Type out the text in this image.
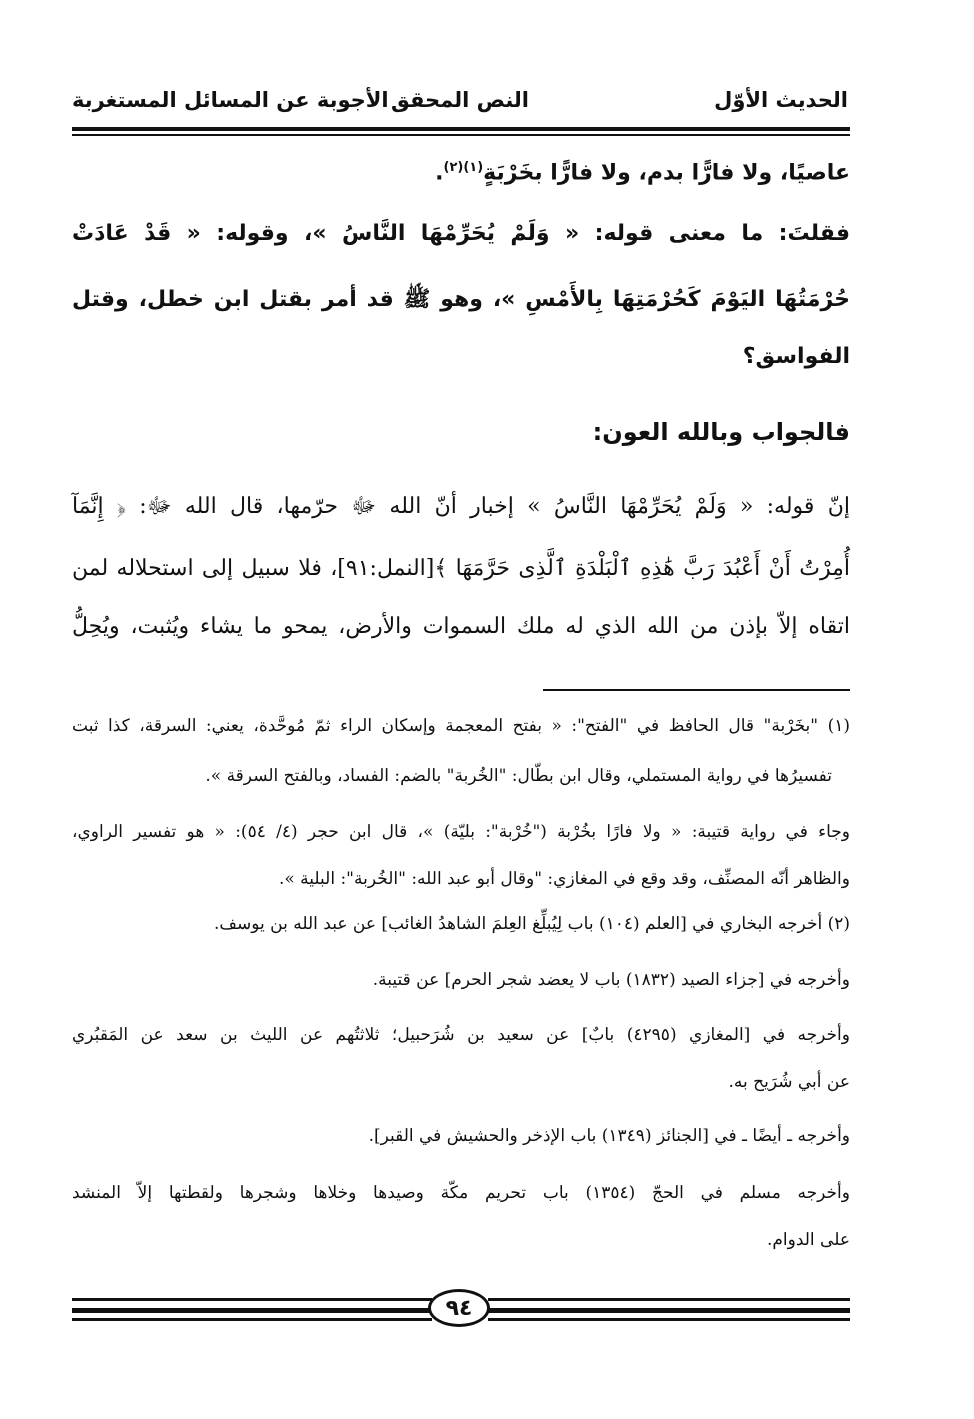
الحديث الأوّل
النص المحقق
الأجوبة عن المسائل المستغربة
عاصيًا، ولا فارًّا بدم، ولا فارًّا بخَرْبَةٍ$^{(١)(٢)}$.
فقلتَ: ما معنى قوله: « وَلَمْ يُحَرِّمْهَا النَّاسُ »، وقوله: « قَدْ عَادَتْ
حُرْمَتُهَا اليَوْمَ كَحُرْمَتِهَا بِالأَمْسِ »، وهو ﷺ قد أمر بقتل ابن خطل، وقتل
الفواسق؟
فالجواب وبالله العون:
إنّ قوله: « وَلَمْ يُحَرِّمْهَا النَّاسُ » إخبار أنّ الله ﷻ حرّمها، قال الله ﷻ: ﴿ إِنَّمَآ
أُمِرْتُ أَنْ أَعْبُدَ رَبَّ هَٰذِهِ ٱلْبَلْدَةِ ٱلَّذِى حَرَّمَهَا ﴾[النمل:٩١]، فلا سبيل إلى استحلاله لمن
اتقاه إلاّ بإذن من الله الذي له ملك السموات والأرض، يمحو ما يشاء ويُثبت، ويُحِلُّ
(١) "بخَرْبة" قال الحافظ في "الفتح": « بفتح المعجمة وإسكان الراء ثمّ مُوحَّدة، يعني: السرقة، كذا ثبت
تفسيرُها في رواية المستملي، وقال ابن بطّال: "الخُربة" بالضم: الفساد، وبالفتح السرقة ».
وجاء في رواية قتيبة: « ولا فارًا بخُرْبة ("خُرْبة": بليّة) »، قال ابن حجر (٤/ ٥٤): « هو تفسير الراوي،
والظاهر أنّه المصنِّف، وقد وقع في المغازي: "وقال أبو عبد الله: "الخُربة": البلية ».
(٢) أخرجه البخاري في [العلم (١٠٤) باب لِيُبلِّغ العِلمَ الشاهدُ الغائب] عن عبد الله بن يوسف.
وأخرجه في [جزاء الصيد (١٨٣٢) باب لا يعضد شجر الحرم] عن قتيبة.
وأخرجه في [المغازي (٤٢٩٥) بابٌ] عن سعيد بن شُرَحبيل؛ ثلاثتُهم عن الليث بن سعد عن المَقبُري
عن أبي شُرَيح به.
وأخرجه ـ أيضًا ـ في [الجنائز (١٣٤٩) باب الإذخر والحشيش في القبر].
وأخرجه مسلم في الحجّ (١٣٥٤) باب تحريم مكّة وصيدها وخلاها وشجرها ولقطتها إلاّ المنشد
على الدوام.
٩٤
